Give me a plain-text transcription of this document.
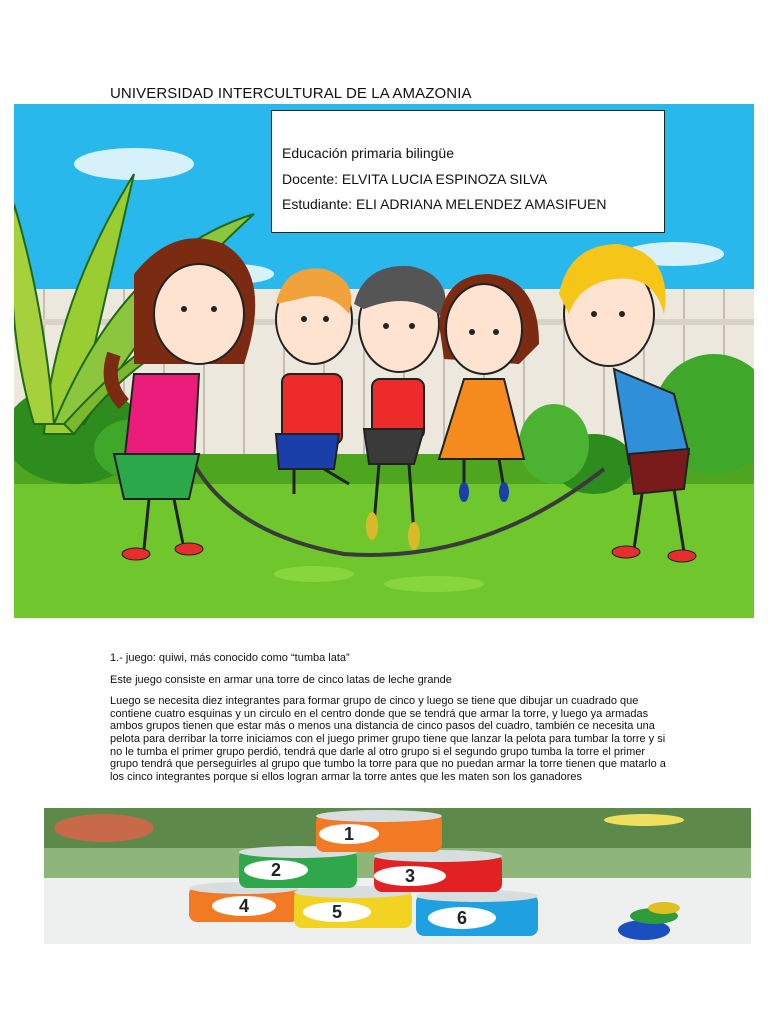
UNIVERSIDAD INTERCULTURAL DE LA AMAZONIA
Educación primaria bilingüe
Docente: ELVITA LUCIA ESPINOZA SILVA
Estudiante: ELI ADRIANA MELENDEZ AMASIFUEN

1.- juego: quiwi, más conocido como “tumba lata”

Este juego consiste en armar una torre de cinco latas de leche grande

Luego se necesita diez integrantes para formar grupo de cinco y luego se tiene que dibujar un cuadrado que contiene cuatro esquinas y un circulo en el centro donde que se tendrá que armar la torre, y luego ya armadas ambos grupos tienen que estar más o menos una distancia de cinco pasos del cuadro, también ce necesita una pelota para derribar la torre iniciamos con el juego primer grupo tiene que lanzar la pelota para tumbar la torre y si no le tumba el primer grupo perdió, tendrá que darle al otro grupo si el segundo grupo tumba la torre el primer grupo tendrá que perseguirles al grupo que tumbo la torre para que no puedan armar la torre tienen que matarlo a los cinco integrantes porque si ellos logran armar la torre antes que les maten son los ganadores

4	5	6
2	3
1
